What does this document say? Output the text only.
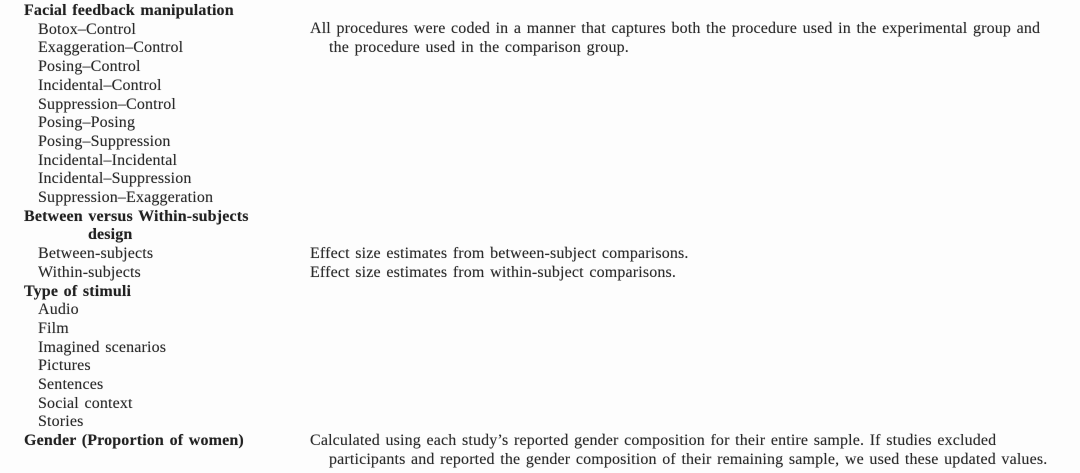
Facial feedback manipulation
Botox–Control
Exaggeration–Control
Posing–Control
Incidental–Control
Suppression–Control
Posing–Posing
Posing–Suppression
Incidental–Incidental
Incidental–Suppression
Suppression–Exaggeration
Between versus Within-subjects
design
Between-subjects
Within-subjects
Type of stimuli
Audio
Film
Imagined scenarios
Pictures
Sentences
Social context
Stories
Gender (Proportion of women)
All procedures were coded in a manner that captures both the procedure used in the experimental group and
the procedure used in the comparison group.
Effect size estimates from between-subject comparisons.
Effect size estimates from within-subject comparisons.
Calculated using each study’s reported gender composition for their entire sample. If studies excluded
participants and reported the gender composition of their remaining sample, we used these updated values.
